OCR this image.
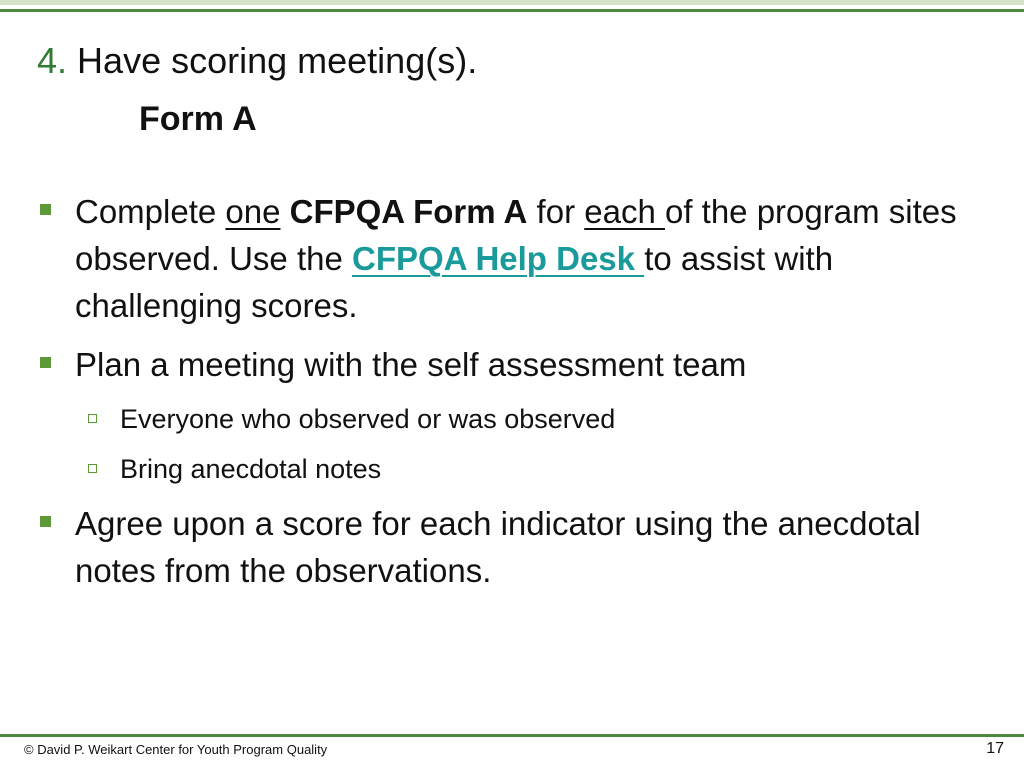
4. Have scoring meeting(s).
Form A
Complete one CFPQA Form A for each of the program sites observed. Use the CFPQA Help Desk to assist with challenging scores.
Plan a meeting with the self assessment team
Everyone who observed or was observed
Bring anecdotal notes
Agree upon a score for each indicator using the anecdotal notes from the observations.
© David P. Weikart Center for Youth Program Quality	17
